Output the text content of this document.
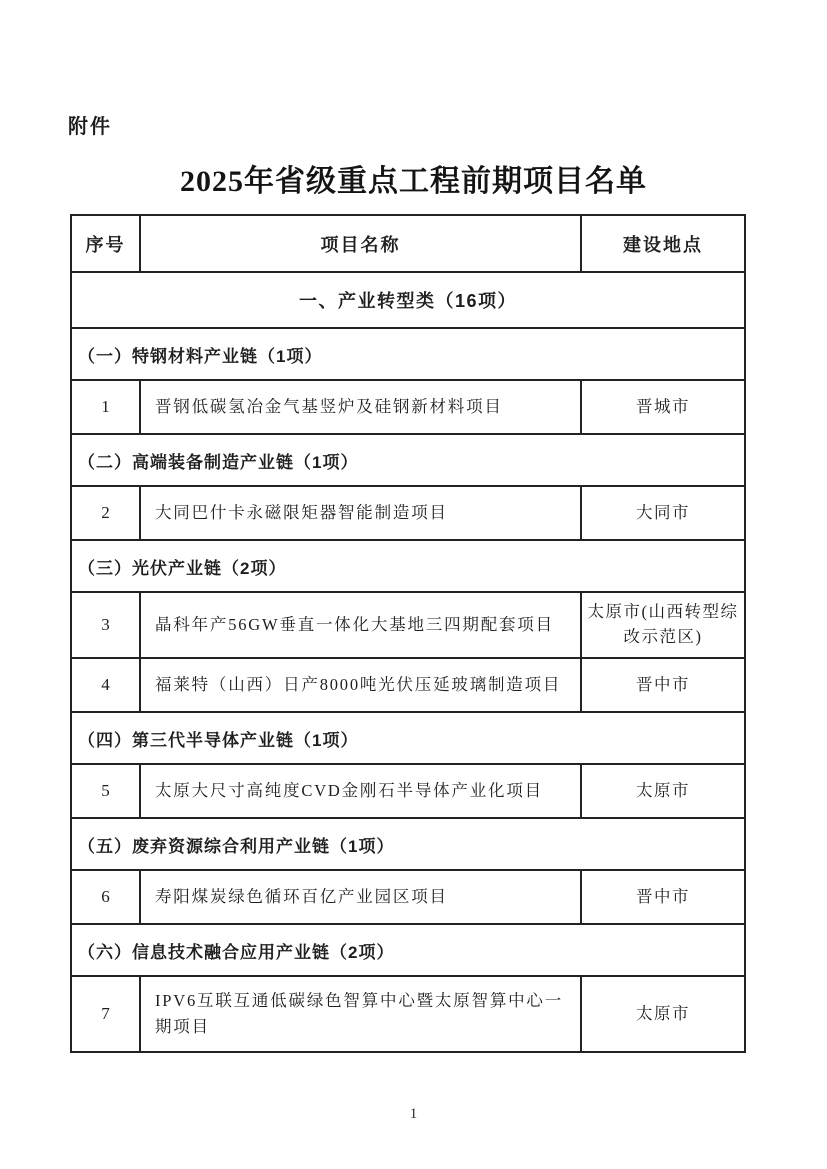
附件
2025年省级重点工程前期项目名单
序号	项目名称	建设地点
一、产业转型类（16项）		
（一）特钢材料产业链（1项）		
1	晋钢低碳氢冶金气基竖炉及硅钢新材料项目	晋城市
（二）高端装备制造产业链（1项）		
2	大同巴什卡永磁限矩器智能制造项目	大同市
（三）光伏产业链（2项）		
3	晶科年产56GW垂直一体化大基地三四期配套项目	太原市(山西转型综改示范区)
4	福莱特（山西）日产8000吨光伏压延玻璃制造项目	晋中市
（四）第三代半导体产业链（1项）		
5	太原大尺寸高纯度CVD金刚石半导体产业化项目	太原市
（五）废弃资源综合利用产业链（1项）		
6	寿阳煤炭绿色循环百亿产业园区项目	晋中市
（六）信息技术融合应用产业链（2项）		
7	IPV6互联互通低碳绿色智算中心暨太原智算中心一期项目	太原市
1
